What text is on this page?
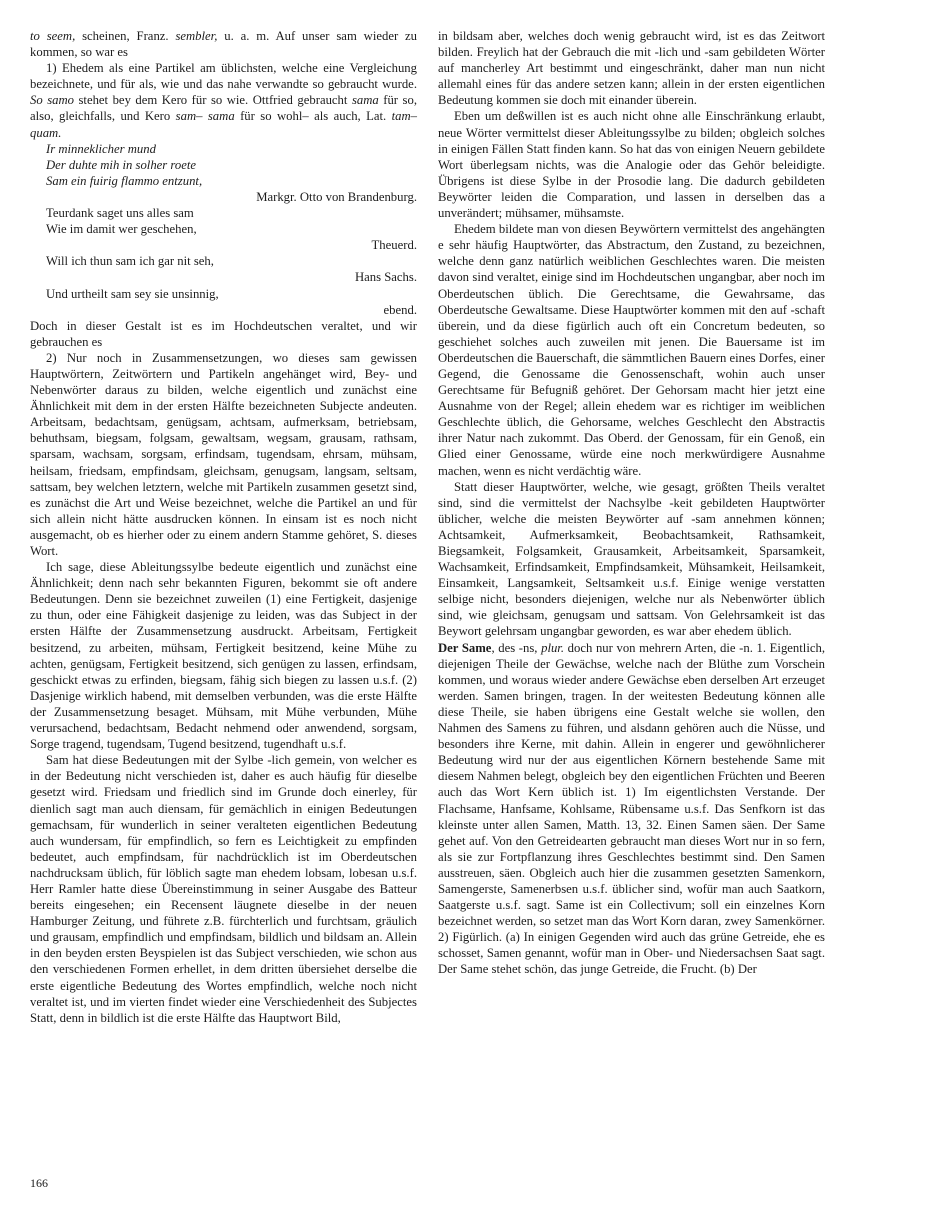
to seem, scheinen, Franz. sembler, u. a. m. Auf unser sam wieder zu kommen, so war es

1) Ehedem als eine Partikel am üblichsten, welche eine Vergleichung bezeichnete, und für als, wie und das nahe verwandte so gebraucht wurde. So samo stehet bey dem Kero für so wie. Ottfried gebraucht sama für so, also, gleichfalls, und Kero sam– sama für so wohl– als auch, Lat. tam– quam.

Ir minneklicher mund

Der duhte mih in solher roete

Sam ein fuirig flammo entzunt,

Markgr. Otto von Brandenburg.

Teurdank saget uns alles sam

Wie im damit wer geschehen,

Theuerd.

Will ich thun sam ich gar nit seh,

Hans Sachs.

Und urtheilt sam sey sie unsinnig,

ebend.

Doch in dieser Gestalt ist es im Hochdeutschen veraltet, und wir gebrauchen es

2) Nur noch in Zusammensetzungen, wo dieses sam gewissen Hauptwörtern, Zeitwörtern und Partikeln angehänget wird, Bey- und Nebenwörter daraus zu bilden, welche eigentlich und zunächst eine Ähnlichkeit mit dem in der ersten Hälfte bezeichneten Subjecte andeuten. Arbeitsam, bedachtsam, genügsam, achtsam, aufmerksam, betriebsam, behuthsam, biegsam, folgsam, gewaltsam, wegsam, grausam, rathsam, sparsam, wachsam, sorgsam, erfindsam, tugendsam, ehrsam, mühsam, heilsam, friedsam, empfindsam, gleichsam, genugsam, langsam, seltsam, sattsam, bey welchen letztern, welche mit Partikeln zusammen gesetzt sind, es zunächst die Art und Weise bezeichnet, welche die Partikel an und für sich allein nicht hätte ausdrucken können. In einsam ist es noch nicht ausgemacht, ob es hierher oder zu einem andern Stamme gehöret, S. dieses Wort.

Ich sage, diese Ableitungssylbe bedeute eigentlich und zunächst eine Ähnlichkeit; denn nach sehr bekannten Figuren, bekommt sie oft andere Bedeutungen. Denn sie bezeichnet zuweilen (1) eine Fertigkeit, dasjenige zu thun, oder eine Fähigkeit dasjenige zu leiden, was das Subject in der ersten Hälfte der Zusammensetzung ausdruckt. Arbeitsam, Fertigkeit besitzend, zu arbeiten, mühsam, Fertigkeit besitzend, keine Mühe zu achten, genügsam, Fertigkeit besitzend, sich genügen zu lassen, erfindsam, geschickt etwas zu erfinden, biegsam, fähig sich biegen zu lassen u.s.f. (2) Dasjenige wirklich habend, mit demselben verbunden, was die erste Hälfte der Zusammensetzung besaget. Mühsam, mit Mühe verbunden, Mühe verursachend, bedachtsam, Bedacht nehmend oder anwendend, sorgsam, Sorge tragend, tugendsam, Tugend besitzend, tugendhaft u.s.f.

Sam hat diese Bedeutungen mit der Sylbe -lich gemein, von welcher es in der Bedeutung nicht verschieden ist, daher es auch häufig für dieselbe gesetzt wird. Friedsam und friedlich sind im Grunde doch einerley, für dienlich sagt man auch diensam, für gemächlich in einigen Bedeutungen gemachsam, für wunderlich in seiner veralteten eigentlichen Bedeutung auch wundersam, für empfindlich, so fern es Leichtigkeit zu empfinden bedeutet, auch empfindsam, für nachdrücklich ist im Oberdeutschen nachdrucksam üblich, für löblich sagte man ehedem lobsam, lobesan u.s.f. Herr Ramler hatte diese Übereinstimmung in seiner Ausgabe des Batteur bereits eingesehen; ein Recensent läugnete dieselbe in der neuen Hamburger Zeitung, und führete z.B. fürchterlich und furchtsam, gräulich und grausam, empfindlich und empfindsam, bildlich und bildsam an. Allein in den beyden ersten Beyspielen ist das Subject verschieden, wie schon aus den verschiedenen Formen erhellet, in dem dritten übersiehet derselbe die erste eigentliche Bedeutung des Wortes empfindlich, welche noch nicht veraltet ist, und im vierten findet wieder eine Verschiedenheit des Subjectes Statt, denn in bildlich ist die erste Hälfte das Hauptwort Bild,

in bildsam aber, welches doch wenig gebraucht wird, ist es das Zeitwort bilden. Freylich hat der Gebrauch die mit -lich und -sam gebildeten Wörter auf mancherley Art bestimmt und eingeschränkt, daher man nun nicht allemahl eines für das andere setzen kann; allein in der ersten eigentlichen Bedeutung kommen sie doch mit einander überein.

Eben um deßwillen ist es auch nicht ohne alle Einschränkung erlaubt, neue Wörter vermittelst dieser Ableitungssylbe zu bilden; obgleich solches in einigen Fällen Statt finden kann. So hat das von einigen Neuern gebildete Wort überlegsam nichts, was die Analogie oder das Gehör beleidigte. Übrigens ist diese Sylbe in der Prosodie lang. Die dadurch gebildeten Beywörter leiden die Comparation, und lassen in derselben das a unverändert; mühsamer, mühsamste.

Ehedem bildete man von diesen Beywörtern vermittelst des angehängten e sehr häufig Hauptwörter, das Abstractum, den Zustand, zu bezeichnen, welche denn ganz natürlich weiblichen Geschlechtes waren. Die meisten davon sind veraltet, einige sind im Hochdeutschen ungangbar, aber noch im Oberdeutschen üblich. Die Gerechtsame, die Gewahrsame, das Oberdeutsche Gewaltsame. Diese Hauptwörter kommen mit den auf -schaft überein, und da diese figürlich auch oft ein Concretum bedeuten, so geschiehet solches auch zuweilen mit jenen. Die Bauersame ist im Oberdeutschen die Bauerschaft, die sämmtlichen Bauern eines Dorfes, einer Gegend, die Genossame die Genossenschaft, wohin auch unser Gerechtsame für Befugniß gehöret. Der Gehorsam macht hier jetzt eine Ausnahme von der Regel; allein ehedem war es richtiger im weiblichen Geschlechte üblich, die Gehorsame, welches Geschlecht den Abstractis ihrer Natur nach zukommt. Das Oberd. der Genossam, für ein Genoß, ein Glied einer Genossame, würde eine noch merkwürdigere Ausnahme machen, wenn es nicht verdächtig wäre.

Statt dieser Hauptwörter, welche, wie gesagt, größten Theils veraltet sind, sind die vermittelst der Nachsylbe -keit gebildeten Hauptwörter üblicher, welche die meisten Beywörter auf -sam annehmen können; Achtsamkeit, Aufmerksamkeit, Beobachtsamkeit, Rathsamkeit, Biegsamkeit, Folgsamkeit, Grausamkeit, Arbeitsamkeit, Sparsamkeit, Wachsamkeit, Erfindsamkeit, Empfindsamkeit, Mühsamkeit, Heilsamkeit, Einsamkeit, Langsamkeit, Seltsamkeit u.s.f. Einige wenige verstatten selbige nicht, besonders diejenigen, welche nur als Nebenwörter üblich sind, wie gleichsam, genugsam und sattsam. Von Gelehrsamkeit ist das Beywort gelehrsam ungangbar geworden, es war aber ehedem üblich.

Der Same, des -ns, plur. doch nur von mehrern Arten, die -n. 1. Eigentlich, diejenigen Theile der Gewächse, welche nach der Blüthe zum Vorschein kommen, und woraus wieder andere Gewächse eben derselben Art erzeuget werden. Samen bringen, tragen. In der weitesten Bedeutung können alle diese Theile, sie haben übrigens eine Gestalt welche sie wollen, den Nahmen des Samens zu führen, und alsdann gehören auch die Nüsse, und besonders ihre Kerne, mit dahin. Allein in engerer und gewöhnlicherer Bedeutung wird nur der aus eigentlichen Körnern bestehende Same mit diesem Nahmen belegt, obgleich bey den eigentlichen Früchten und Beeren auch das Wort Kern üblich ist. 1) Im eigentlichsten Verstande. Der Flachsame, Hanfsame, Kohlsame, Rübensame u.s.f. Das Senfkorn ist das kleinste unter allen Samen, Matth. 13, 32. Einen Samen säen. Der Same gehet auf. Von den Getreidearten gebraucht man dieses Wort nur in so fern, als sie zur Fortpflanzung ihres Geschlechtes bestimmt sind. Den Samen ausstreuen, säen. Obgleich auch hier die zusammen gesetzten Samenkorn, Samengerste, Samenerbsen u.s.f. üblicher sind, wofür man auch Saatkorn, Saatgerste u.s.f. sagt. Same ist ein Collectivum; soll ein einzelnes Korn bezeichnet werden, so setzet man das Wort Korn daran, zwey Samenkörner. 2) Figürlich. (a) In einigen Gegenden wird auch das grüne Getreide, ehe es schosset, Samen genannt, wofür man in Ober- und Niedersachsen Saat sagt. Der Same stehet schön, das junge Getreide, die Frucht. (b) Der

166
